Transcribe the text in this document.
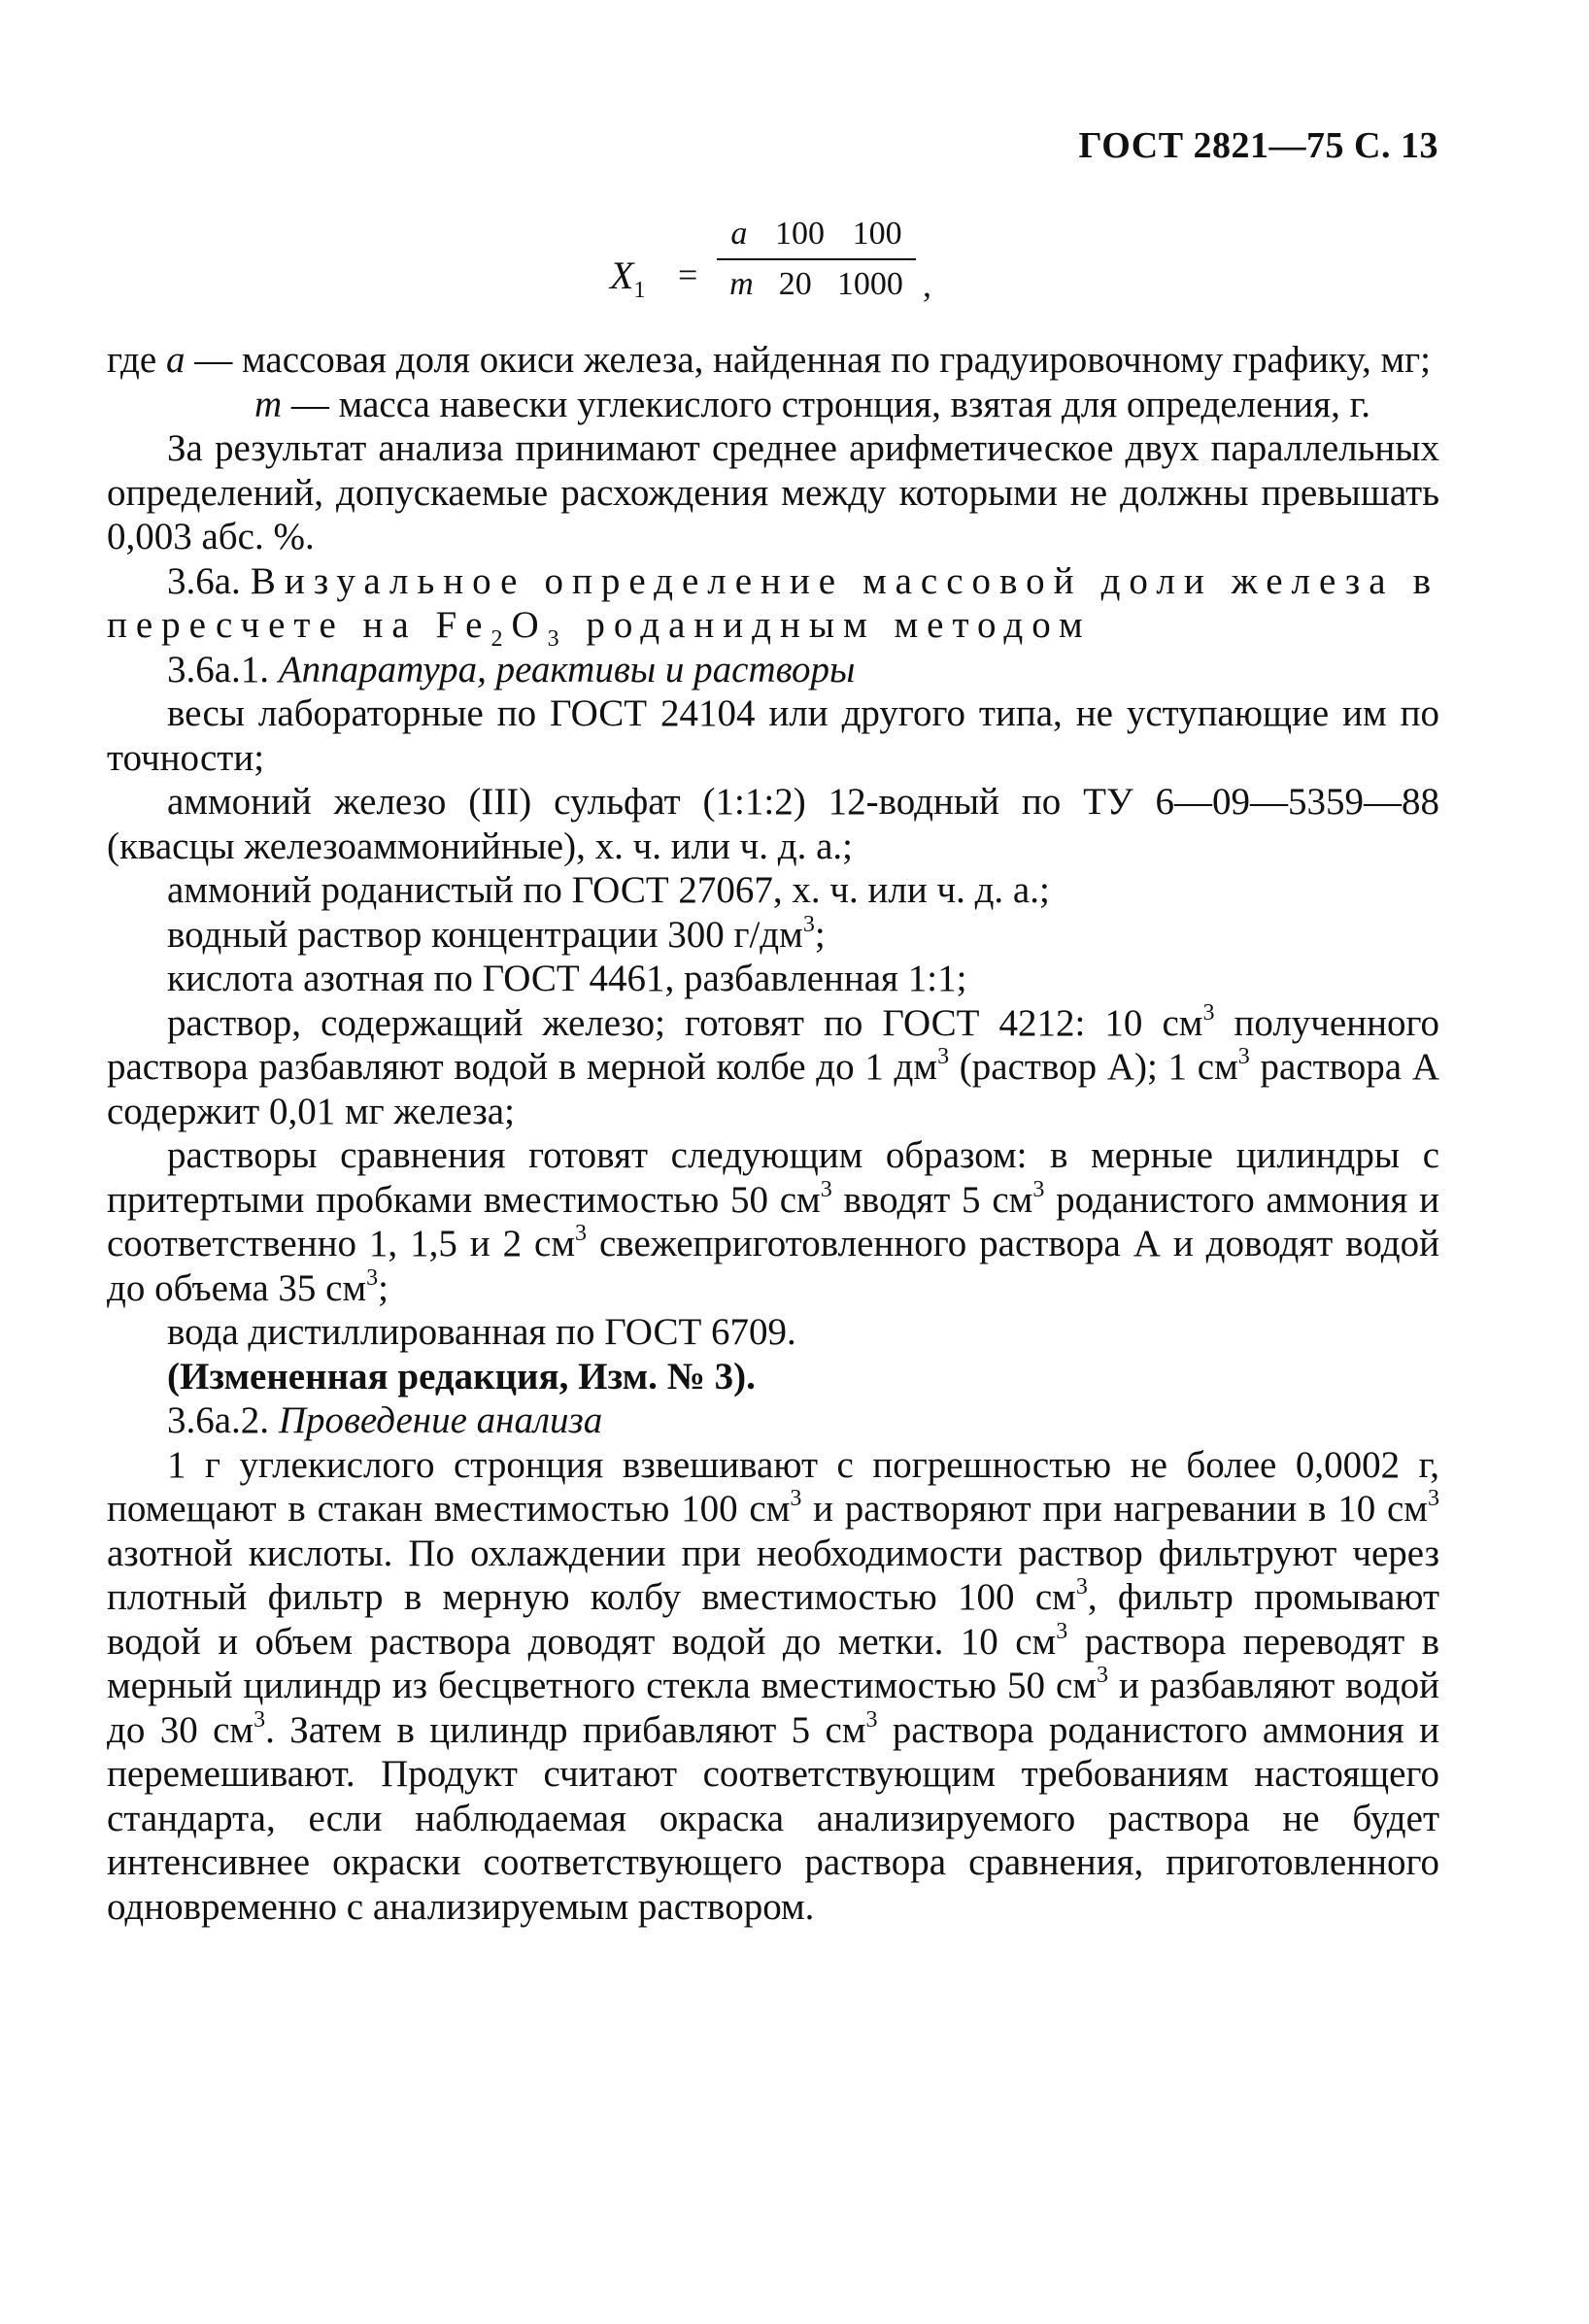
ГОСТ 2821—75 С. 13
$X_1$ =
a 100 100
m 20 1000 ,

где a — массовая доля окиси железа, найденная по градуировочному графику, мг;

m — масса навески углекислого стронция, взятая для определения, г.

За результат анализа принимают среднее арифметическое двух параллельных определений, допускаемые расхождения между которыми не должны превышать 0,003 абс. %.

3.6а. Визуальное определение массовой доли железа в пересчете на $Fe_2O_3$ роданидным методом

3.6а.1. Аппаратура, реактивы и растворы

весы лабораторные по ГОСТ 24104 или другого типа, не уступающие им по точности;

аммоний железо (III) сульфат (1:1:2) 12-водный по ТУ 6—09—5359—88 (квасцы железоаммонийные), х. ч. или ч. д. а.;

аммоний роданистый по ГОСТ 27067, х. ч. или ч. д. а.;

водный раствор концентрации 300 $г/дм^3$;

кислота азотная по ГОСТ 4461, разбавленная 1:1;

раствор, содержащий железо; готовят по ГОСТ 4212: 10 $см^3$ полученного раствора разбавляют водой в мерной колбе до 1 $дм^3$ (раствор А); 1 $см^3$ раствора А содержит 0,01 мг железа;

растворы сравнения готовят следующим образом: в мерные цилиндры с притертыми пробками вместимостью 50 $см^3$ вводят 5 $см^3$ роданистого аммония и соответственно 1, 1,5 и 2 $см^3$ свежеприготовленного раствора А и доводят водой до объема 35 $см^3$;

вода дистиллированная по ГОСТ 6709.

(Измененная редакция, Изм. № 3).

3.6а.2. Проведение анализа

1 г углекислого стронция взвешивают с погрешностью не более 0,0002 г, помещают в стакан вместимостью 100 $см^3$ и растворяют при нагревании в 10 $см^3$ азотной кислоты. По охлаждении при необходимости раствор фильтруют через плотный фильтр в мерную колбу вместимостью 100 $см^3$, фильтр промывают водой и объем раствора доводят водой до метки. 10 $см^3$ раствора переводят в мерный цилиндр из бесцветного стекла вместимостью 50 $см^3$ и разбавляют водой до 30 $см^3$. Затем в цилиндр прибавляют 5 $см^3$ раствора роданистого аммония и перемешивают. Продукт считают соответствующим требованиям настоящего стандарта, если наблюдаемая окраска анализируемого раствора не будет интенсивнее окраски соответствующего раствора сравнения, приготовленного одновременно с анализируемым раствором.
